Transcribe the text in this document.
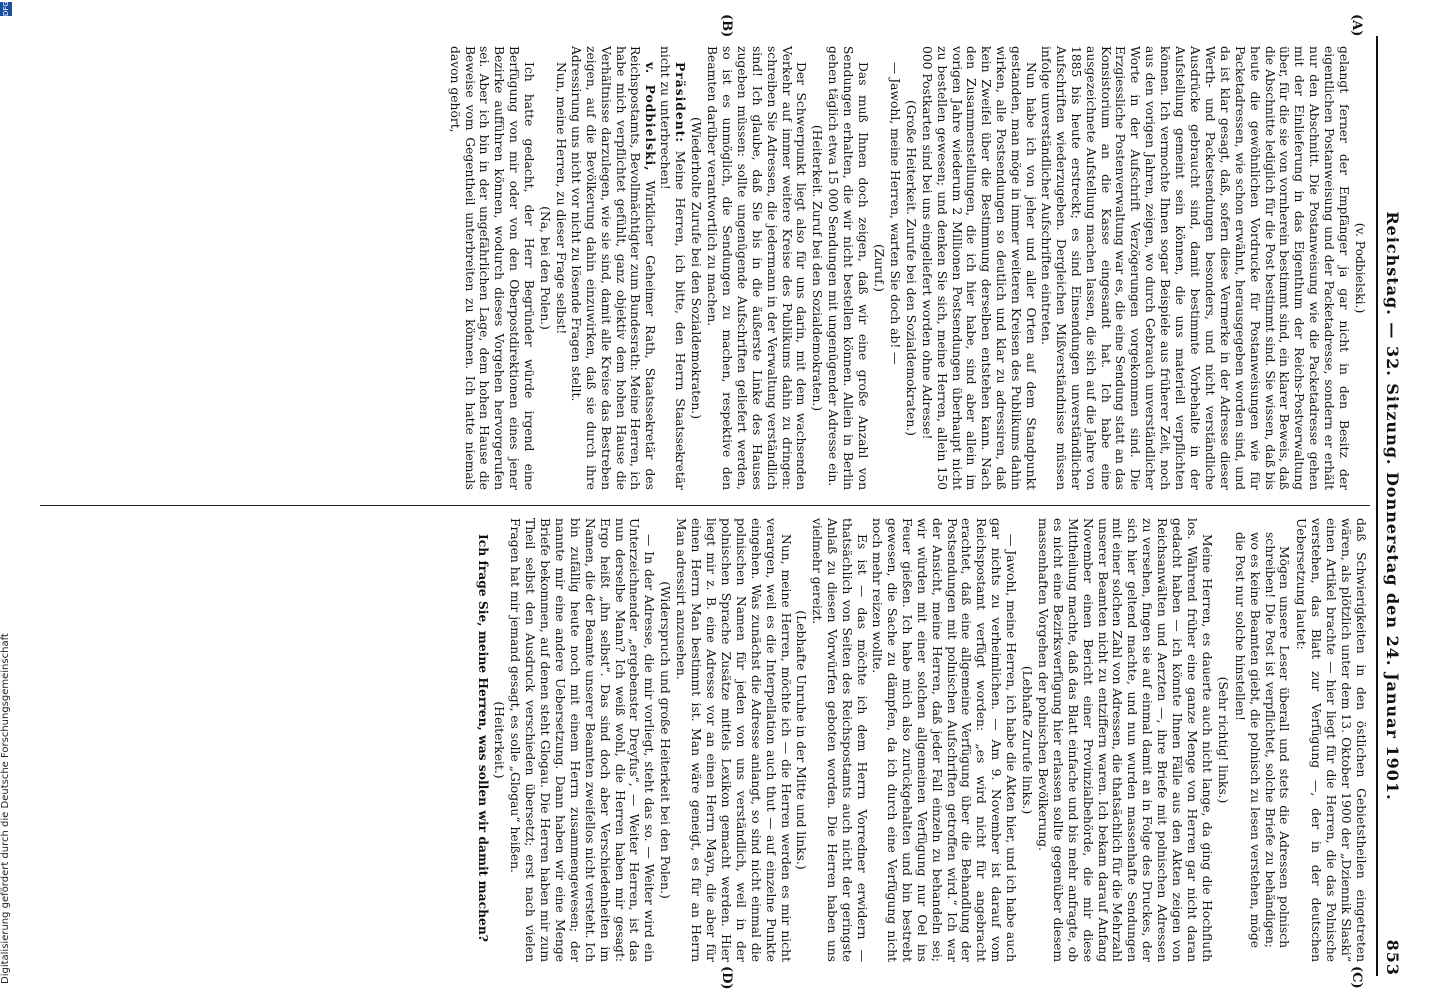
Reichstag. — 32. Sitzung. Donnerstag den 24. Januar 1901.
853
(A)
(B)
(C)
(D)

(v. Podbielski.)

gelangt ferner der Empfänger ja gar nicht in den Besitz der eigentlichen Postanweisung und der Packetadresse, sondern er erhält nur den Abschnitt. Die Postanweisung wie die Packetadresse gehen mit der Einlieferung in das Eigenthum der Reichs-Postverwaltung über, für die sie von vornherein bestimmt sind, ein klarer Beweis, daß die Abschnitte lediglich für die Post bestimmt sind. Sie wissen, daß bis heute die gewöhnlichen Vordrucke für Postanweisungen wie für Packetadressen, wie schon erwähnt, herausgegeben worden sind, und da ist klar gesagt, daß, sofern diese Vermerke in der Adresse dieser Werth- und Packetsendungen besonders, und nicht verständliche Ausdrücke gebraucht sind, damit bestimmte Vorbehalte in der Aufstellung gemeint sein können, die uns materiell verpflichten können. Ich vermochte Ihnen sogar Beispiele aus früherer Zeit, noch aus den vorigen Jahren, zeigen, wo durch Gebrauch unverständlicher Worte in der Aufschrift Verzögerungen vorgekommen sind. Die Erzgiessliche Postenverwaltung war es, die eine Sendung statt an das Konsistorium an die Kasse eingesandt hat. Ich habe eine ausgezeichnete Aufstellung machen lassen, die sich auf die Jahre von 1885 bis heute erstreckt; es sind Einsendungen unverständlicher Aufschriften wiederzugeben. Dergleichen Mißverständnisse müssen infolge unverständlicher Aufschriften eintreten.

Nun habe ich von jeher und aller Orten auf dem Standpunkt gestanden, man möge in immer weiteren Kreisen des Publikums dahin wirken, alle Postsendungen so deutlich und klar zu adressiren, daß kein Zweifel über die Bestimmung derselben entstehen kann. Nach den Zusammenstellungen, die ich hier habe, sind aber allein im vorigen Jahre wiederum 2 Millionen Postsendungen überhaupt nicht zu bestellen gewesen; und denken Sie sich, meine Herren, allein 150 000 Postkarten sind bei uns eingeliefert worden ohne Adresse!

(Große Heiterkeit. Zurufe bei den Sozialdemokraten.)

— Jawohl, meine Herren, warten Sie doch ab! —

(Zuruf.)

Das muß Ihnen doch zeigen, daß wir eine große Anzahl von Sendungen erhalten, die wir nicht bestellen können. Allein in Berlin gehen täglich etwa 15 000 Sendungen mit ungenügender Adresse ein.

(Heiterkeit. Zuruf bei den Sozialdemokraten.)

Der Schwerpunkt liegt also für uns darin, mit dem wachsenden Verkehr auf immer weitere Kreise des Publikums dahin zu dringen: schreiben Sie Adressen, die jedermann in der Verwaltung verständlich sind! Ich glaube, daß Sie bis in die äußerste Linke des Hauses zugeben müssen: sollte ungenügende Aufschriften geliefert werden, so ist es unmöglich, die Sendungen zu machen, respektive den Beamten darüber verantwortlich zu machen.

(Wiederholte Zurufe bei den Sozialdemokraten.)

Präsident: Meine Herren, ich bitte, den Herrn Staatssekretär nicht zu unterbrechen!

v. Podbielski, Wirklicher Geheimer Rath, Staatssekretär des Reichspostamts, Bevollmächtigter zum Bundesrath: Meine Herren, ich habe mich verpflichtet gefühlt, ganz objektiv dem hohen Hause die Verhältnisse darzulegen, wie sie sind, damit alle Kreise das Bestreben zeigen, auf die Bevölkerung dahin einzuwirken, daß sie durch ihre Adressirung uns nicht vor nicht zu lösende Fragen stellt.

Nun, meine Herren, zu dieser Frage selbst!

(Na, bei den Polen.)

Ich hatte gedacht, der Herr Begründer würde irgend eine Berfügung von mir oder von den Oberpostdirektionen eines jener Bezirke aufführen können, wodurch dieses Vorgehen hervorgerufen sei. Aber ich bin in der ungefährlichen Lage, dem hohen Hause die Beweise vom Gegentheil unterbreiten zu können. Ich hatte niemals davon gehört,

daß Schwierigkeiten in den östlichen Gebietstheilen eingetreten wären, als plötzlich unter dem 13. Oktober 1900 der „Dziennik Slaski“ einen Artikel brachte — hier liegt für die Herren, die das Polnische verstehen, das Blatt zur Verfügung —, der in der deutschen Uebersetzung lautet:

Mögen unsere Leser überall und stets die Adressen polnisch schreiben! Die Post ist verpflichtet, solche Briefe zu behändigen; wo es keine Beamten giebt, die polnisch zu lesen verstehen, möge die Post nur solche hinstellen!

(Sehr richtig! links.)

Meine Herren, es dauerte auch nicht lange, da ging die Hochfluth los. Während früher eine ganze Menge von Herren gar nicht daran gedacht haben — ich könnte Ihnen Fälle aus den Akten zeigen von Reichsanwälten und Aerzten —, ihre Briefe mit polnischen Adressen zu versehen, fingen sie auf einmal damit an in Folge des Druckes, der sich hier geltend machte, und nun wurden massenhafte Sendungen mit einer solchen Zahl von Adressen, die thatsächlich für die Mehrzahl unserer Beamten nicht zu entziffern waren. Ich bekam darauf Anfang November einen Bericht einer Provinzialbehörde, die mir diese Mittheilung machte, daß das Blatt einfache und bis mehr anfragte, ob es nicht eine Bezirksverfügung hier erlassen sollte gegenüber diesem massenhaften Vorgehen der polnischen Bevölkerung.

(Lebhafte Zurufe links.)

— Jawohl, meine Herren, ich habe die Akten hier, und ich habe auch gar nichts zu verheimlichen. — Am 9. November ist darauf vom Reichspostamt verfügt worden: „es wird nicht für angebracht erachtet, daß eine allgemeine Verfügung über die Behandlung der Postsendungen mit polnischen Aufschriften getroffen wird.“ Ich war der Ansicht, meine Herren, daß jeder Fall einzeln zu behandeln sei; wir würden mit einer solchen allgemeinen Verfügung nur Oel ins Feuer gießen. Ich habe mich also zurückgehalten und bin bestrebt gewesen, die Sache zu dämpfen, da ich durch eine Verfügung nicht noch mehr reizen wollte.

Es ist — das möchte ich dem Herrn Vorredner erwidern — thatsächlich von Seiten des Reichspostamts auch nicht der geringste Anlaß zu diesen Vorwürfen geboten worden. Die Herren haben uns vielmehr gereizt.

(Lebhafte Unruhe in der Mitte und links.)

Nun, meine Herren, möchte ich — die Herren werden es mir nicht verargen, weil es die Interpellation auch thut — auf einzelne Punkte eingehen. Was zunächst die Adresse anlangt, so sind nicht einmal die polnischen Namen für jeden von uns verständlich, weil in der polnischen Sprache Zusätze mittels Lexikon gemacht werden. Hier liegt mir z. B. eine Adresse vor an einen Herrn Mayn, die aber für einen Herrn Man bestimmt ist. Man wäre geneigt, es für an Herrn Man adressirt anzusehen.

(Widerspruch und große Heiterkeit bei den Polen.)

— In der Adresse, die mir vorliegt, steht das so. — Weiter wird ein Unterzeichnender „ergebenster Dreyfus“, — Weiter Herren, ist das nun derselbe Mann? Ich weiß wohl, die Herren haben mir gesagt: Ergo heißt „ihn selbst“. Das sind doch aber Verschiedenheiten im Namen, die der Beamte unserer Beamten zweifellos nicht versteht. Ich bin zufällig heute noch mit einem Herrn zusammengewesen; der nannte mir eine andere Uebersetzung. Dann haben wir eine Menge Briefe bekommen, auf denen steht Glogau. Die Herren haben mir zum Theil selbst den Ausdruck verschieden übersetzt; erst nach vielen Fragen hat mir jemand gesagt, es solle „Glogau“ heißen.

(Heiterkeit.)

Ich frage Sie, meine Herren, was sollen wir damit machen?

Digitalisierung gefördert durch die Deutsche Forschungsgemeinschaft
DFG
